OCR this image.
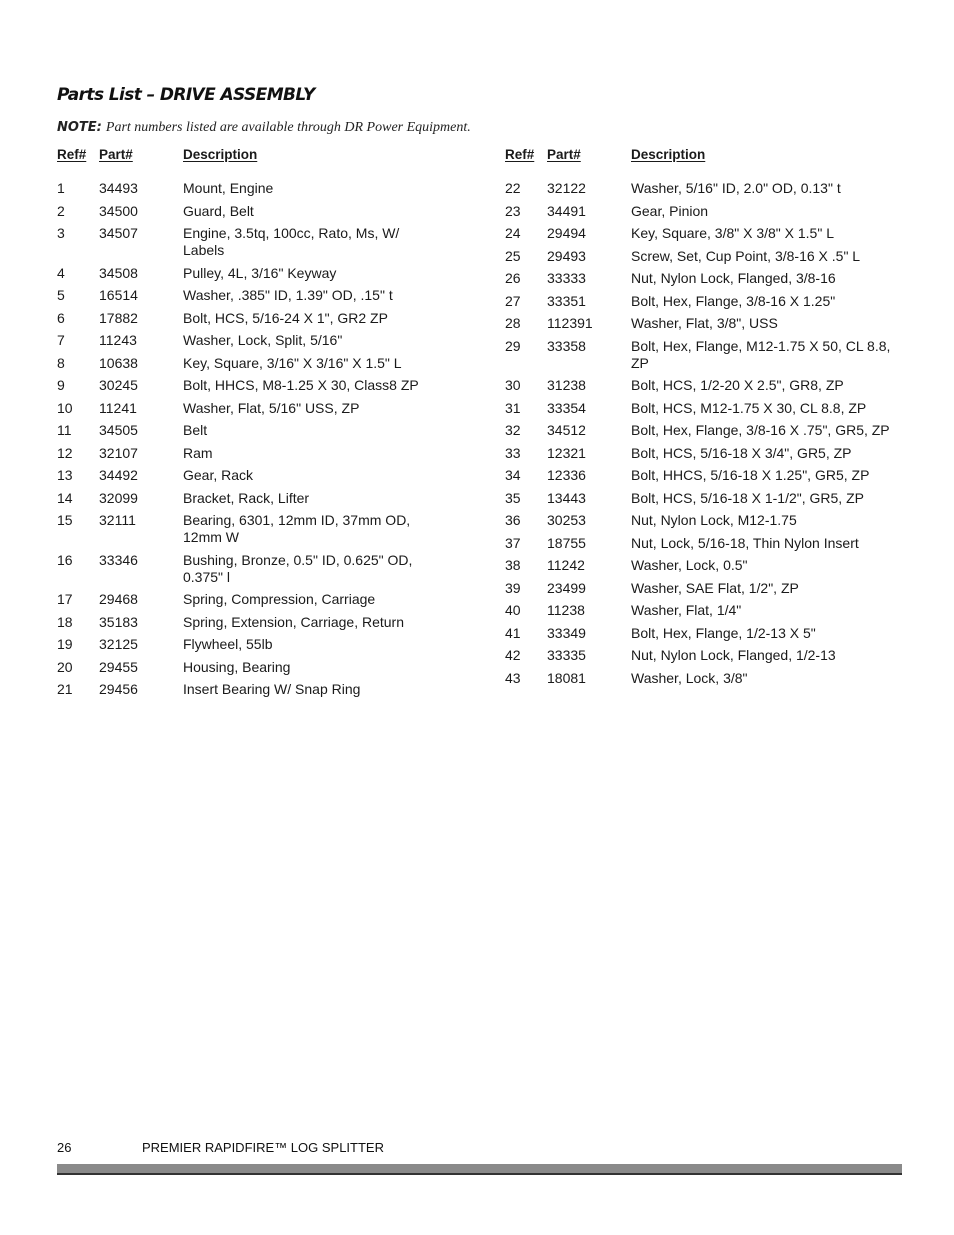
Parts List – DRIVE ASSEMBLY
NOTE: Part numbers listed are available through DR Power Equipment.
Ref# Part#	Description
1 34493	Mount, Engine
2 34500	Guard, Belt
3 34507	Engine, 3.5tq, 100cc, Rato, Ms, W/ Labels
4 34508	Pulley, 4L, 3/16" Keyway
5 16514	Washer, .385" ID, 1.39" OD, .15" t
6 17882	Bolt, HCS, 5/16-24 X 1", GR2 ZP
7 11243	Washer, Lock, Split, 5/16"
8 10638	Key, Square, 3/16" X 3/16" X 1.5" L
9 30245	Bolt, HHCS, M8-1.25 X 30, Class8 ZP
10 11241	Washer, Flat, 5/16" USS, ZP
11 34505	Belt
12 32107	Ram
13 34492	Gear, Rack
14 32099	Bracket, Rack, Lifter
15 32111	Bearing, 6301, 12mm ID, 37mm OD, 12mm W
16 33346	Bushing, Bronze, 0.5" ID, 0.625" OD, 0.375" l
17 29468	Spring, Compression, Carriage
18 35183	Spring, Extension, Carriage, Return
19 32125	Flywheel, 55lb
20 29455	Housing, Bearing
21 29456	Insert Bearing W/ Snap Ring
Ref# Part#	Description
22 32122	Washer, 5/16" ID, 2.0" OD, 0.13" t
23 34491	Gear, Pinion
24 29494	Key, Square, 3/8" X 3/8" X 1.5" L
25 29493	Screw, Set, Cup Point, 3/8-16 X .5" L
26 33333	Nut, Nylon Lock, Flanged, 3/8-16
27 33351	Bolt, Hex, Flange, 3/8-16 X 1.25"
28 112391	Washer, Flat, 3/8", USS
29 33358	Bolt, Hex, Flange, M12-1.75 X 50, CL 8.8, ZP
30 31238	Bolt, HCS, 1/2-20 X 2.5", GR8, ZP
31 33354	Bolt, HCS, M12-1.75 X 30, CL 8.8, ZP
32 34512	Bolt, Hex, Flange, 3/8-16 X .75", GR5, ZP
33 12321	Bolt, HCS, 5/16-18 X 3/4", GR5, ZP
34 12336	Bolt, HHCS, 5/16-18 X 1.25", GR5, ZP
35 13443	Bolt, HCS, 5/16-18 X 1-1/2", GR5, ZP
36 30253	Nut, Nylon Lock, M12-1.75
37 18755	Nut, Lock, 5/16-18, Thin Nylon Insert
38 11242	Washer, Lock, 0.5"
39 23499	Washer, SAE Flat, 1/2", ZP
40 11238	Washer, Flat, 1/4"
41 33349	Bolt, Hex, Flange, 1/2-13 X 5"
42 33335	Nut, Nylon Lock, Flanged, 1/2-13
43 18081	Washer, Lock, 3/8"
26	PREMIER RAPIDFIRE™ LOG SPLITTER
